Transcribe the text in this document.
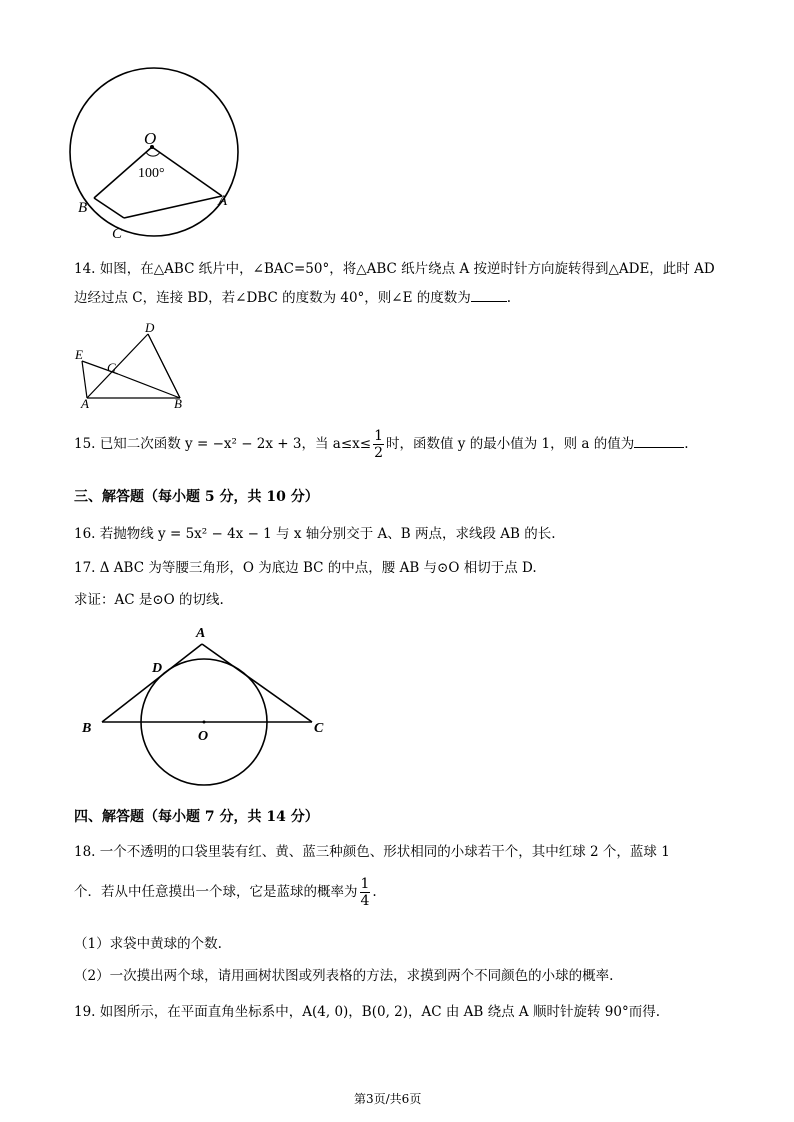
O
100°
A
B
C
14. 如图，在△ABC 纸片中，∠BAC=50°，将△ABC 纸片绕点 A 按逆时针方向旋转得到△ADE，此时 AD
边经过点 C，连接 BD，若∠DBC 的度数为 40°，则∠E 的度数为	.
D
E
C
A	B
15. 已知二次函数 y = −x² − 2x + 3，当 $a\le x\le \frac{1}{2}$ 时，函数值 y 的最小值为 1，则 a 的值为	.
三、解答题（每小题 5 分，共 10 分）
16. 若抛物线 y = 5x² − 4x − 1 与 x 轴分别交于 A、B 两点，求线段 AB 的长.
17. Δ ABC 为等腰三角形，O 为底边 BC 的中点，腰 AB 与⊙O 相切于点 D.
求证：AC 是⊙O 的切线.
A
D
B
O
C
四、解答题（每小题 7 分，共 14 分）
18. 一个不透明的口袋里装有红、黄、蓝三种颜色、形状相同的小球若干个，其中红球 2 个，蓝球 1
个．若从中任意摸出一个球，它是蓝球的概率为 $\frac{1}{4}$ .
（1）求袋中黄球的个数.
（2）一次摸出两个球，请用画树状图或列表格的方法，求摸到两个不同颜色的小球的概率.
19. 如图所示，在平面直角坐标系中，A(4, 0)，B(0, 2)，AC 由 AB 绕点 A 顺时针旋转 90°而得.
第3页/共6页
